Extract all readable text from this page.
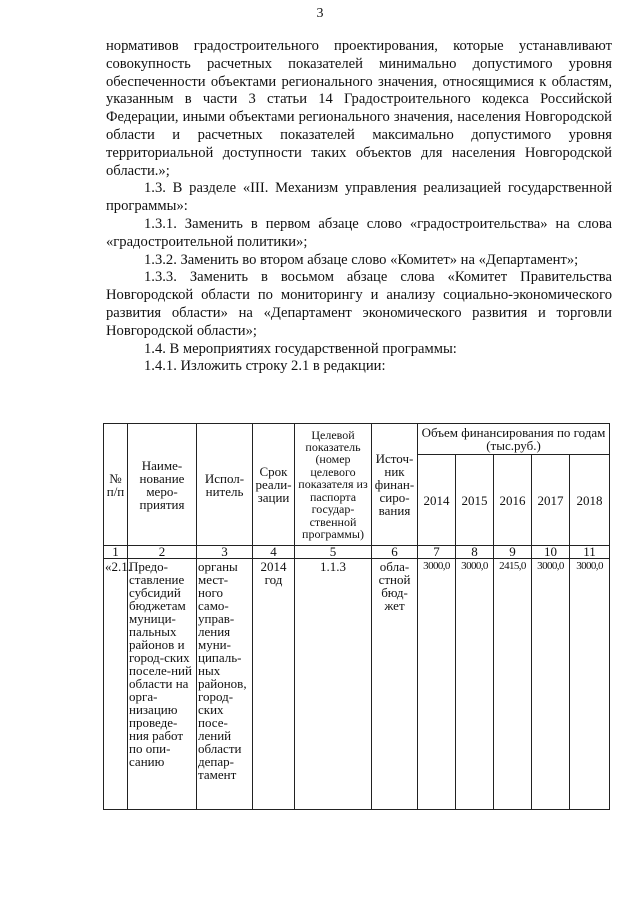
3

нормативов градостроительного проектирования, которые устанавливают совокупность расчетных показателей минимально допустимого уровня обеспеченности объектами регионального значения, относящимися к областям, указанным в части 3 статьи 14 Градостроительного кодекса Российской Федерации, иными объектами регионального значения, населения Новгородской области и расчетных показателей максимально допустимого уровня территориальной доступности таких объектов для населения Новгородской области.»;

1.3. В разделе «III. Механизм управления реализацией государственной программы»:

1.3.1. Заменить в первом абзаце слово «градостроительства» на слова «градостроительной политики»;

1.3.2. Заменить во втором абзаце слово «Комитет» на «Департамент»;

1.3.3. Заменить в восьмом абзаце слова «Комитет Правительства Новгородской области по мониторингу и анализу социально-экономического развития области» на «Департамент экономического развития и торговли Новгородской области»;

1.4. В мероприятиях государственной программы:

1.4.1. Изложить строку 2.1 в редакции:

№ п/п	Наиме-нование меро-приятия	Испол-нитель	Срок реали-зации	Целевой показатель (номер целевого показателя из паспорта государ-ственной программы)	Источ-ник финан-сиро-вания	Объем финансирования по годам (тыс.руб.)				
						2014	2015	2016	2017	2018
1	2	3	4	5	6	7	8	9	10	11
«2.1.	Предо-ставление субсидий бюджетам муници-пальных районов и город-ских поселе-ний области на орга-низацию проведе-ния работ по опи-санию	органы мест-ного само-управ-ления муни-ципаль-ных районов, город-ских посе-лений области депар-тамент	2014 год	1.1.3	обла-стной бюд-жет	3000,0	3000,0	2415,0	3000,0	3000,0
